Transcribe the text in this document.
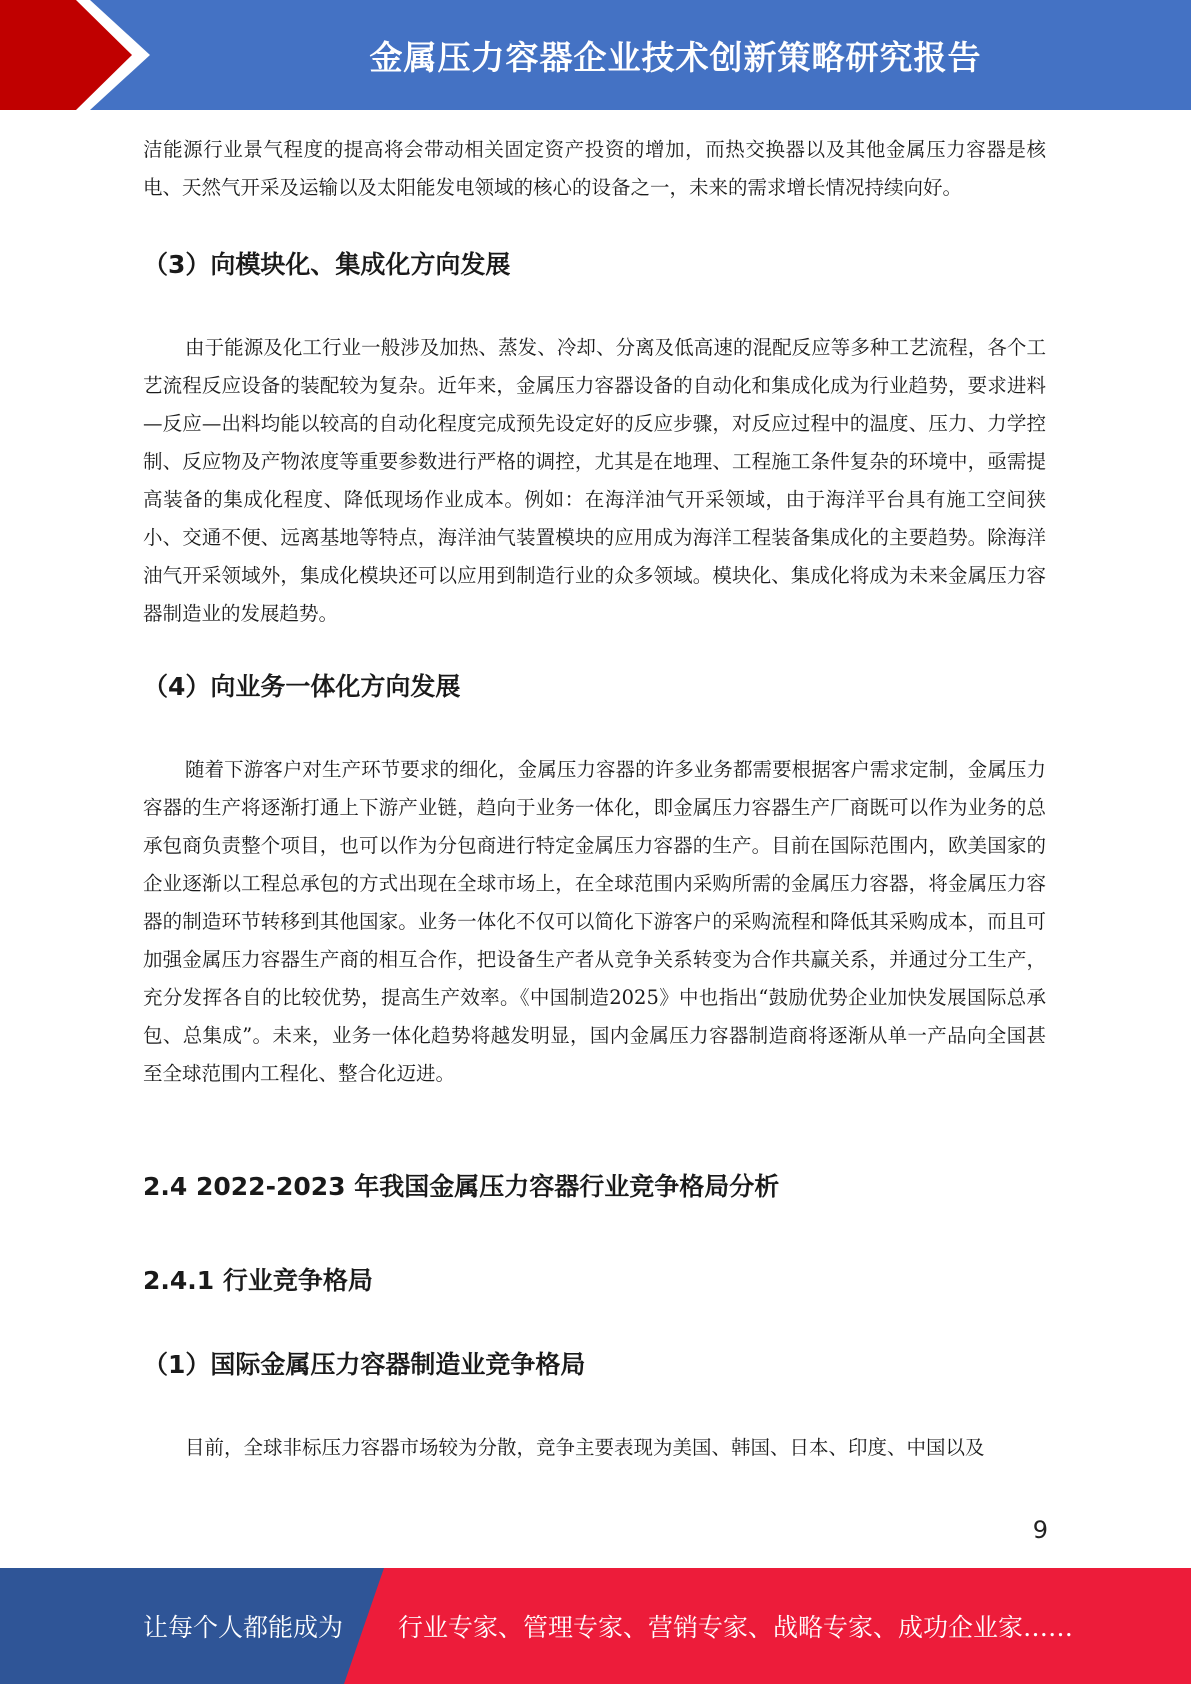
金属压力容器企业技术创新策略研究报告

洁能源行业景气程度的提高将会带动相关固定资产投资的增加，而热交换器以及其他金属压力容器是核电、天然气开采及运输以及太阳能发电领域的核心的设备之一，未来的需求增长情况持续向好。

（3）向模块化、集成化方向发展

由于能源及化工行业一般涉及加热、蒸发、冷却、分离及低高速的混配反应等多种工艺流程，各个工艺流程反应设备的装配较为复杂。近年来，金属压力容器设备的自动化和集成化成为行业趋势，要求进料—反应—出料均能以较高的自动化程度完成预先设定好的反应步骤，对反应过程中的温度、压力、力学控制、反应物及产物浓度等重要参数进行严格的调控，尤其是在地理、工程施工条件复杂的环境中，亟需提高装备的集成化程度、降低现场作业成本。例如：在海洋油气开采领域，由于海洋平台具有施工空间狭小、交通不便、远离基地等特点，海洋油气装置模块的应用成为海洋工程装备集成化的主要趋势。除海洋油气开采领域外，集成化模块还可以应用到制造行业的众多领域。模块化、集成化将成为未来金属压力容器制造业的发展趋势。

（4）向业务一体化方向发展

随着下游客户对生产环节要求的细化，金属压力容器的许多业务都需要根据客户需求定制，金属压力容器的生产将逐渐打通上下游产业链，趋向于业务一体化，即金属压力容器生产厂商既可以作为业务的总承包商负责整个项目，也可以作为分包商进行特定金属压力容器的生产。目前在国际范围内，欧美国家的企业逐渐以工程总承包的方式出现在全球市场上，在全球范围内采购所需的金属压力容器，将金属压力容器的制造环节转移到其他国家。业务一体化不仅可以简化下游客户的采购流程和降低其采购成本，而且可加强金属压力容器生产商的相互合作，把设备生产者从竞争关系转变为合作共赢关系，并通过分工生产，充分发挥各自的比较优势，提高生产效率。《中国制造2025》中也指出“鼓励优势企业加快发展国际总承包、总集成”。未来，业务一体化趋势将越发明显，国内金属压力容器制造商将逐渐从单一产品向全国甚至全球范围内工程化、整合化迈进。

2.4 2022-2023 年我国金属压力容器行业竞争格局分析
2.4.1 行业竞争格局
（1）国际金属压力容器制造业竞争格局

目前，全球非标压力容器市场较为分散，竞争主要表现为美国、韩国、日本、印度、中国以及

9
让每个人都能成为 行业专家、管理专家、营销专家、战略专家、成功企业家……
